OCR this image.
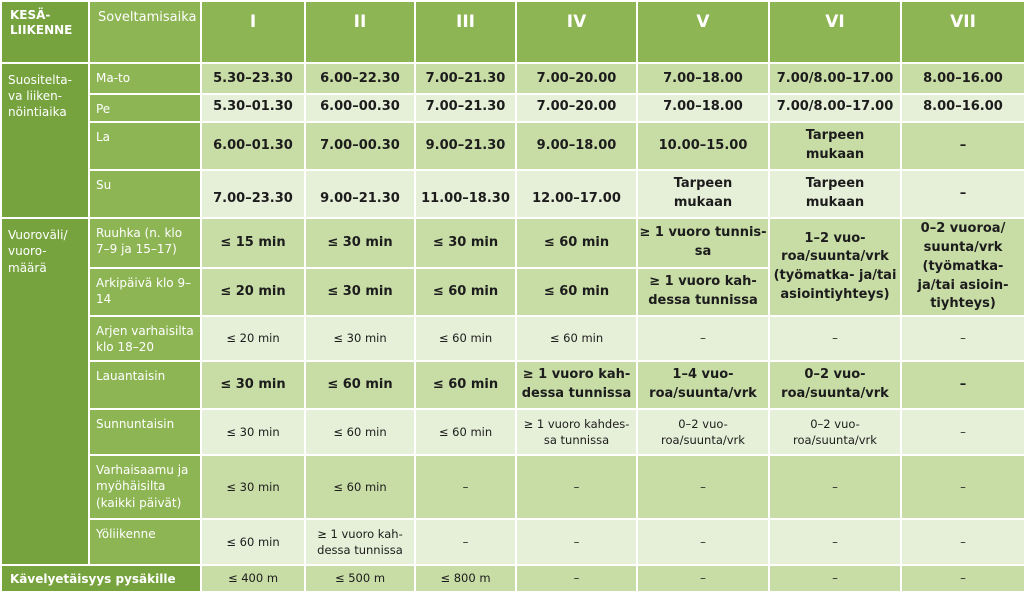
KESÄ-
LIIKENNE	Soveltamisaika	I	II	III	IV	V	VI	VII

Suositelta-
va liiken-
nöintiaika	Ma-to	5.30–23.30	6.00–22.30	7.00–21.30	7.00–20.00	7.00–18.00	7.00/8.00–17.00	8.00–16.00
	Pe	5.30–01.30	6.00–00.30	7.00–21.30	7.00–20.00	7.00–18.00	7.00/8.00–17.00	8.00–16.00
	La	6.00–01.30	7.00–00.30	9.00–21.30	9.00–18.00	10.00–15.00	Tarpeen
mukaan	–
	Su	7.00–23.30	9.00–21.30	11.00–18.30	12.00–17.00	Tarpeen
mukaan	Tarpeen
mukaan	–

Vuoroväli/
vuoro-
määrä	Ruuhka (n. klo
7–9 ja 15–17)	≤ 15 min	≤ 30 min	≤ 30 min	≤ 60 min	≥ 1 vuoro tunnis-
sa	1–2 vuo-
roa/suunta/vrk
(työmatka- ja/tai
asiointiyhteys)	0–2 vuoroa/
suunta/vrk
(työmatka-
ja/tai asioin-
tiyhteys)

	Arkipäivä klo 9–
14	≤ 20 min	≤ 30 min	≤ 60 min	≤ 60 min	≥ 1 vuoro kah-
dessa tunnissa		

	Arjen varhaisilta
klo 18–20	≤ 20 min	≤ 30 min	≤ 60 min	≤ 60 min	–	–	–
	Lauantaisin	≤ 30 min	≤ 60 min	≤ 60 min	≥ 1 vuoro kah-
dessa tunnissa	1–4 vuo-
roa/suunta/vrk	0–2 vuo-
roa/suunta/vrk	–
	Sunnuntaisin	≤ 30 min	≤ 60 min	≤ 60 min	≥ 1 vuoro kahdes-
sa tunnissa	0–2 vuo-
roa/suunta/vrk	0–2 vuo-
roa/suunta/vrk	–

	Varhaisaamu ja
myöhäisilta
(kaikki päivät)	≤ 30 min	≤ 60 min	–	–	–	–	–
	Yöliikenne	≤ 60 min	≥ 1 vuoro kah-
dessa tunnissa	–	–	–	–	–
Kävelyetäisyys pysäkille		≤ 400 m	≤ 500 m	≤ 800 m	–	–	–	–
